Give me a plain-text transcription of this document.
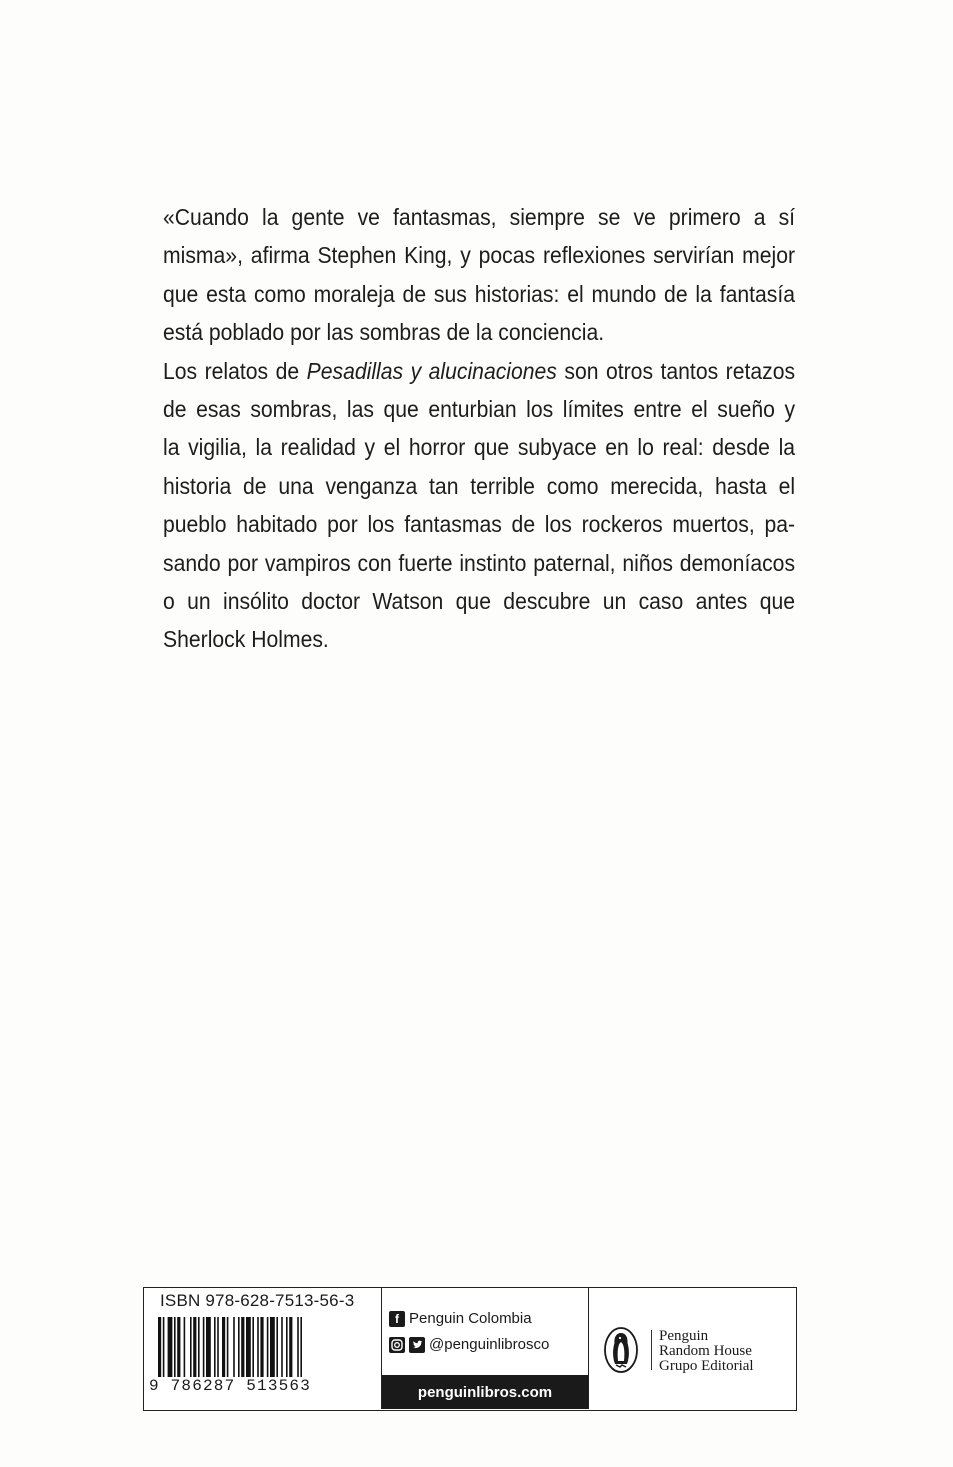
«Cuando la gente ve fantasmas, siempre se ve primero a sí
misma», afirma Stephen King, y pocas reflexiones servirían mejor
que esta como moraleja de sus historias: el mundo de la fantasía
está poblado por las sombras de la conciencia.
Los relatos de Pesadillas y alucinaciones son otros tantos retazos
de esas sombras, las que enturbian los límites entre el sueño y
la vigilia, la realidad y el horror que subyace en lo real: desde la
historia de una venganza tan terrible como merecida, hasta el
pueblo habitado por los fantasmas de los rockeros muertos, pa-
sando por vampiros con fuerte instinto paternal, niños demoníacos
o un insólito doctor Watson que descubre un caso antes que
Sherlock Holmes.
ISBN 978-628-7513-56-3
9 786287 513563
f Penguin Colombia
@penguinlibrosco
penguinlibros.com
Penguin
Random House
Grupo Editorial
